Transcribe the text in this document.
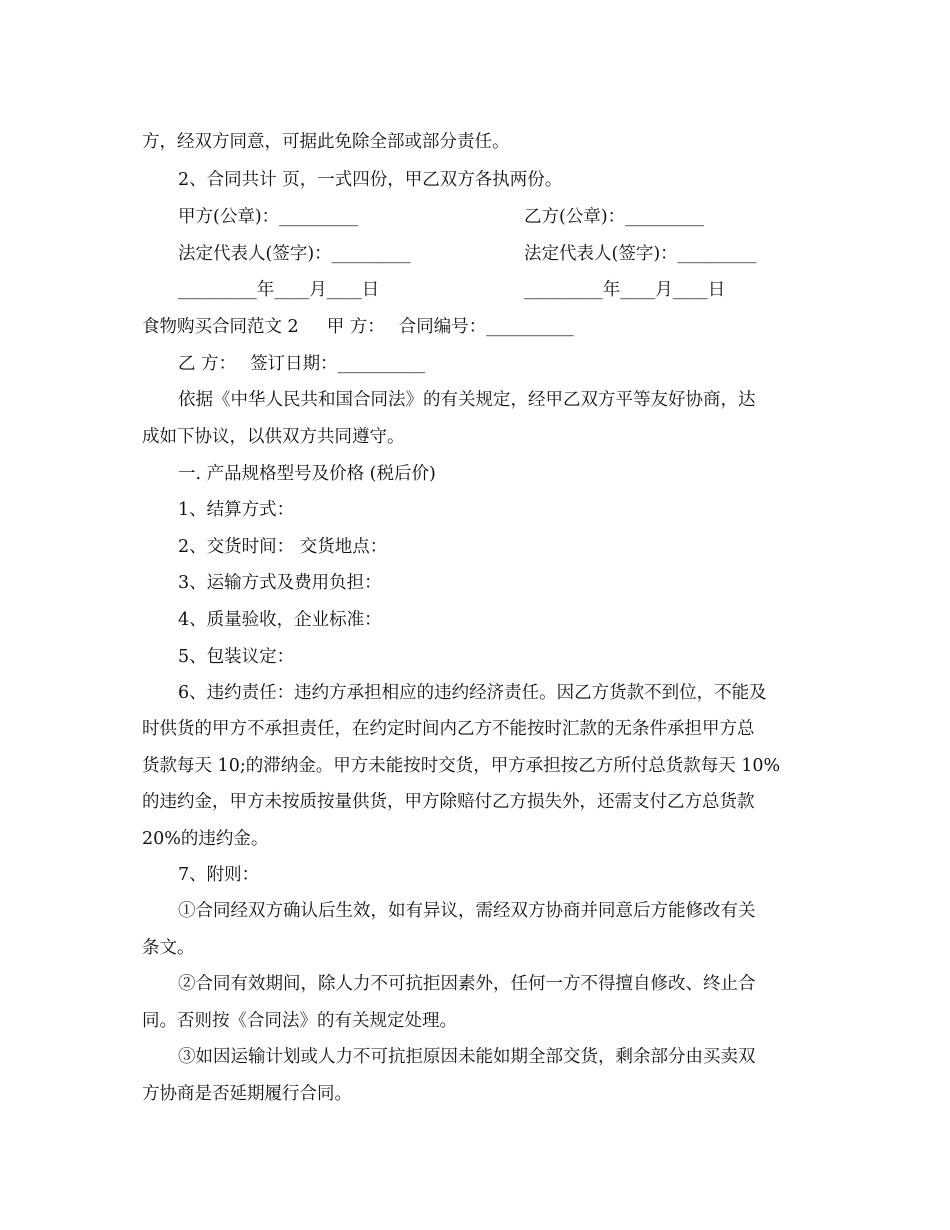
方，经双方同意，可据此免除全部或部分责任。
2、合同共计 页，一式四份，甲乙双方各执两份。
甲方(公章)：_________	乙方(公章)：_________
法定代表人(签字)：_________	法定代表人(签字)：_________
_________年____月____日	_________年____月____日
食物购买合同范文 2 甲 方： 合同编号：__________
乙 方： 签订日期：__________
依据《中华人民共和国合同法》的有关规定，经甲乙双方平等友好协商，达
成如下协议，以供双方共同遵守。
一. 产品规格型号及价格 (税后价)
1、结算方式：
2、交货时间： 交货地点：
3、运输方式及费用负担：
4、质量验收，企业标准：
5、包装议定：
6、违约责任：违约方承担相应的违约经济责任。因乙方货款不到位，不能及
时供货的甲方不承担责任，在约定时间内乙方不能按时汇款的无条件承担甲方总
货款每天 10;的滞纳金。甲方未能按时交货，甲方承担按乙方所付总货款每天 10%
的违约金，甲方未按质按量供货，甲方除赔付乙方损失外，还需支付乙方总货款
20%的违约金。
7、附则：
①合同经双方确认后生效，如有异议，需经双方协商并同意后方能修改有关
条文。
②合同有效期间，除人力不可抗拒因素外，任何一方不得擅自修改、终止合
同。否则按《合同法》的有关规定处理。
③如因运输计划或人力不可抗拒原因未能如期全部交货，剩余部分由买卖双
方协商是否延期履行合同。
